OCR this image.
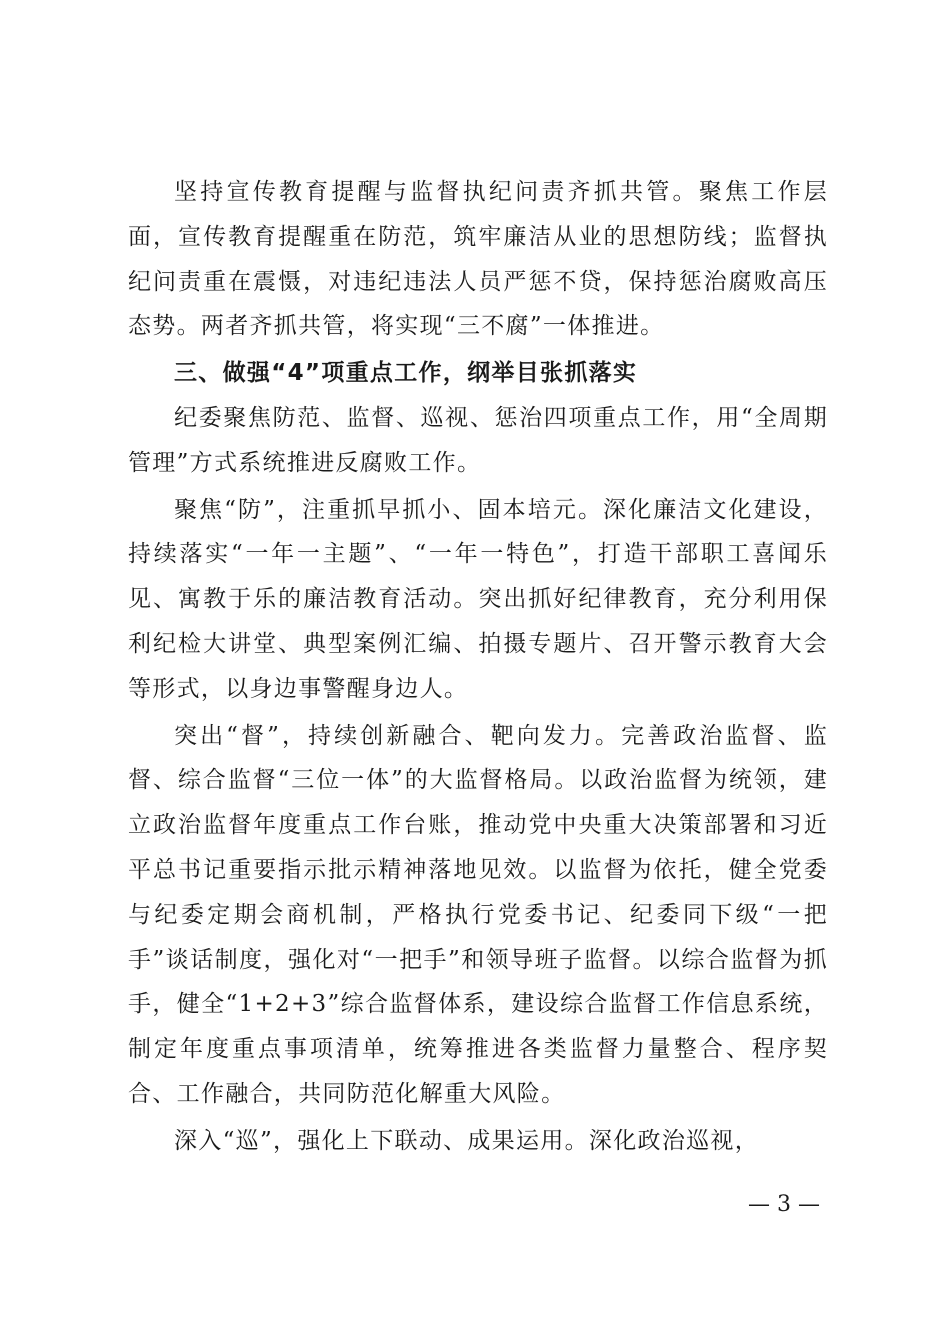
坚持宣传教育提醒与监督执纪问责齐抓共管。聚焦工作层面，宣传教育提醒重在防范，筑牢廉洁从业的思想防线；监督执纪问责重在震慑，对违纪违法人员严惩不贷，保持惩治腐败高压态势。两者齐抓共管，将实现“三不腐”一体推进。

三、做强“4”项重点工作，纲举目张抓落实

纪委聚焦防范、监督、巡视、惩治四项重点工作，用“全周期管理”方式系统推进反腐败工作。

聚焦“防”，注重抓早抓小、固本培元。深化廉洁文化建设，持续落实“一年一主题”、“一年一特色”，打造干部职工喜闻乐见、寓教于乐的廉洁教育活动。突出抓好纪律教育，充分利用保利纪检大讲堂、典型案例汇编、拍摄专题片、召开警示教育大会等形式，以身边事警醒身边人。

突出“督”，持续创新融合、靶向发力。完善政治监督、监督、综合监督“三位一体”的大监督格局。以政治监督为统领，建立政治监督年度重点工作台账，推动党中央重大决策部署和习近平总书记重要指示批示精神落地见效。以监督为依托，健全党委与纪委定期会商机制，严格执行党委书记、纪委同下级“一把手”谈话制度，强化对“一把手”和领导班子监督。以综合监督为抓手，健全“1+2+3”综合监督体系，建设综合监督工作信息系统，制定年度重点事项清单，统筹推进各类监督力量整合、程序契合、工作融合，共同防范化解重大风险。

深入“巡”，强化上下联动、成果运用。深化政治巡视，

— 3 —
